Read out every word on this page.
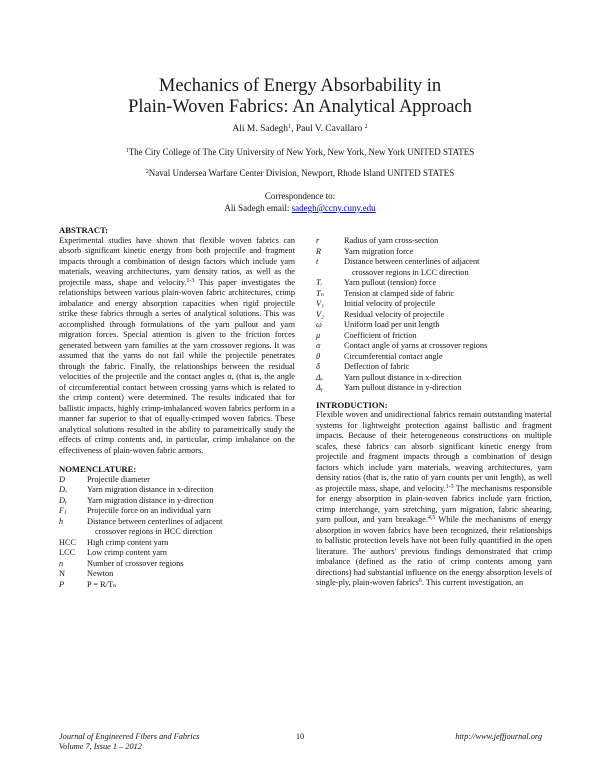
Mechanics of Energy Absorbability in
Plain-Woven Fabrics: An Analytical Approach
Ali M. Sadegh$^1$, Paul V. Cavallaro $^2$
$^1$The City College of The City University of New York, New York, New York UNITED STATES
$^2$Naval Undersea Warfare Center Division, Newport, Rhode Island UNITED STATES
Correspondence to:
Ali Sadegh email: sadegh@ccny.cuny.edu
ABSTRACT:

Experimental studies have shown that flexible woven fabrics can absorb significant kinetic energy from both projectile and fragment impacts through a combination of design factors which include yarn materials, weaving architectures, yarn density ratios, as well as the projectile mass, shape and velocity.$^{1-3}$ This paper investigates the relationships between various plain-woven fabric architectures, crimp imbalance and energy absorption capacities when rigid projectile strike these fabrics through a series of analytical solutions. This was accomplished through formulations of the yarn pullout and yarn migration forces. Special attention is given to the friction forces generated between yarn families at the yarn crossover regions. It was assumed that the yarns do not fail while the projectile penetrates through the fabric. Finally, the relationships between the residual velocities of the projectile and the contact angles α, (that is, the angle of circumferential contact between crossing yarns which is related to the crimp content) were determined. The results indicated that for ballistic impacts, highly crimp-imbalanced woven fabrics perform in a manner far superior to that of equally-crimped woven fabrics. These analytical solutions resulted in the ability to parametrically study the effects of crimp contents and, in particular, crimp imbalance on the effectiveness of plain-woven fabric armors.

NOMENCLATURE:
D	Projectile diameter
Dₓ	Yarn migration distance in x-direction
Dᵧ	Yarn migration distance in y-direction
Fⱼ	Projectile force on an individual yarn
h	Distance between centerlines of adjacent
crossover regions in HCC direction
HCC	High crimp content yarn
LCC	Low crimp content yarn
n	Number of crossover regions
N	Newton
P	P = R/Tₙ
r	Radius of yarn cross-section
R	Yarn migration force
t	Distance between centerlines of adjacent
crossover regions in LCC direction
Tᵢ	Yarn pullout (tension) force
Tₙ	Tension at clamped side of fabric
V₁	Initial velocity of projectile
V₂	Residual velocity of projectile
ω	Uniform load per unit length
μ	Coefficient of friction
α	Contact angle of yarns at crossover regions
θ	Circumferential contact angle
δ	Deflection of fabric
Δₓ	Yarn pullout distance in x-direction
Δᵧ	Yarn pullout distance in y-direction
INTRODUCTION:

Flexible woven and unidirectional fabrics remain outstanding material systems for lightweight protection against ballistic and fragment impacts. Because of their heterogeneous constructions on multiple scales, these fabrics can absorb significant kinetic energy from projectile and fragment impacts through a combination of design factors which include yarn materials, weaving architectures, yarn density ratios (that is, the ratio of yarn counts per unit length), as well as projectile mass, shape, and velocity.$^{1-3}$ The mechanisms responsible for energy absorption in plain-woven fabrics include yarn friction, crimp interchange, yarn stretching, yarn migration, fabric shearing, yarn pullout, and yarn breakage.$^{4,5}$ While the mechanisms of energy absorption in woven fabrics have been recognized, their relationships to ballistic protection levels have not been fully quantified in the open literature. The authors' previous findings demonstrated that crimp imbalance (defined as the ratio of crimp contents among yarn directions) had substantial influence on the energy absorption levels of single-ply, plain-woven fabrics$^6$. This current investigation, an

Journal of Engineered Fibers and Fabrics
Volume 7, Issue 1 – 2012
10	http://www.jeffjournal.org
